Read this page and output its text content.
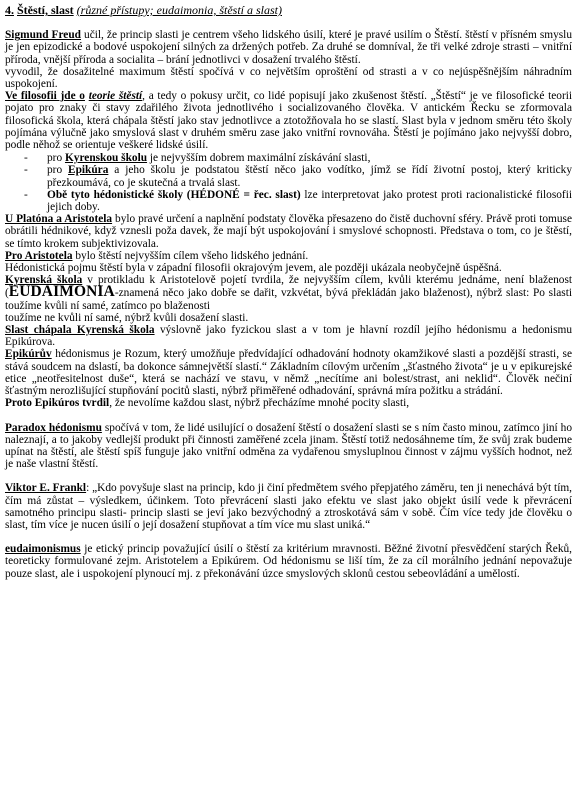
4. Štěstí, slast (různé přístupy; eudaimonia, štěstí a slast)

Sigmund Freud učil, že princip slasti je centrem všeho lidského úsilí, které je pravé usilím o Štěstí. štěstí v přísném smyslu je jen epizodické a bodové uspokojení silných za držených potřeb. Za druhé se domníval, že tři velké zdroje strasti – vnitřní příroda, vnější příroda a socialita – brání jednotlivci v dosažení trvalého štěstí.

vyvodil, že dosažitelné maximum štěstí spočívá v co největším oproštění od strasti a v co nejúspěšnějším náhradním uspokojení.

Ve filosofii jde o teorie štěstí, a tedy o pokusy určit, co lidé popisují jako zkušenost štěstí. „Štěstí“ je ve filosofické teorii pojato pro znaky či stavy zdařilého života jednotlivého i socializovaného člověka. V antickém Řecku se zformovala filosofická škola, která chápala štěstí jako stav jednotlivce a ztotožňovala ho se slastí. Slast byla v jednom směru této školy pojímána výlučně jako smyslová slast v druhém směru zase jako vnitřní rovnováha. Štěstí je pojímáno jako nejvyšší dobro, podle něhož se orientuje veškeré lidské úsilí.

- pro Kyrenskou školu je nejvyšším dobrem maximální získávání slasti,
- pro Epikúra a jeho školu je podstatou štěstí něco jako vodítko, jímž se řídí životní postoj, který kriticky přezkoumává, co je skutečná a trvalá slast.
- Obě tyto hédonistické školy (HÉDONÉ = řec. slast) lze interpretovat jako protest proti racionalistické filosofii jejich doby.

U Platóna a Aristotela bylo pravé určení a naplnění podstaty člověka přesazeno do čistě duchovní sféry. Právě proti tomuse obrátili hédnikové, když vznesli poža davek, že mají být uspokojování i smyslové schopnosti. Představa o tom, co je štěstí, se tímto krokem subjektivizovala.

Pro Aristotela bylo štěstí nejvyšším cílem všeho lidského jednání.

Hédonistická pojmu štěstí byla v západní filosofii okrajovým jevem, ale později ukázala neobyčejně úspěšná.

Kyrenská škola v protikladu k Aristotelově pojetí tvrdila, že nejvyšším cílem, kvůli kterému jednáme, není blaženost (EUDAIMONIA-znamená něco jako dobře se dařit, vzkvétat, bývá překládán jako blaženost), nýbrž slast: Po slasti toužíme kvůli ní samé, zatímco po blaženosti

toužíme ne kvůli ní samé, nýbrž kvůli dosažení slasti.

Slast chápala Kyrenská škola výslovně jako fyzickou slast a v tom je hlavní rozdíl jejího hédonismu a hedonismu Epikúrova.

Epikúrův hédonismus je Rozum, který umožňuje předvídající odhadování hodnoty okamžikové slasti a pozdější strasti, se stává soudcem na dslastí, ba dokonce sámnejvětší slastí.“ Základním cílovým určením „šťastného života“ je u v epikurejské etice „neotřesitelnost duše“, která se nachází ve stavu, v němž „necítíme ani bolest/strast, ani neklid“. Člověk nečiní šťastným nerozlišující stupňování pocitů slasti, nýbrž přiměřené odhadování, správná míra požitku a strádání.

Proto Epikúros tvrdil, že nevolíme každou slast, nýbrž přecházíme mnohé pocity slasti,

Paradox hédonismu spočívá v tom, že lidé usilující o dosažení štěstí o dosažení slasti se s ním často minou, zatímco jiní ho naleznají, a to jakoby vedlejší produkt při činnosti zaměřené zcela jinam. Štěstí totiž nedosáhneme tím, že svůj zrak budeme upínat na štěstí, ale štěstí spíš funguje jako vnitřní odměna za vydařenou smysluplnou činnost v zájmu vyšších hodnot, než je naše vlastní štěstí.

Viktor E. Frankl: „Kdo povyšuje slast na princip, kdo ji činí předmětem svého přepjatého záměru, ten ji nenechává být tím, čím má zůstat – výsledkem, účinkem. Toto převrácení slasti jako efektu ve slast jako objekt úsilí vede k převrácení samotného principu slasti- princip slasti se jeví jako bezvýchodný a ztroskotává sám v sobě. Čím více tedy jde člověku o slast, tím více je nucen úsilí o její dosažení stupňovat a tím více mu slast uniká.“

eudaimonismus je etický princip považující úsilí o štěstí za kritérium mravnosti. Běžné životní přesvědčení starých Řeků, teoreticky formulované zejm. Aristotelem a Epikúrem. Od hédonismu se liší tím, že za cíl morálního jednání nepovažuje pouze slast, ale i uspokojení plynoucí mj. z překonávání úzce smyslových sklonů cestou sebeovládání a umělostí.
